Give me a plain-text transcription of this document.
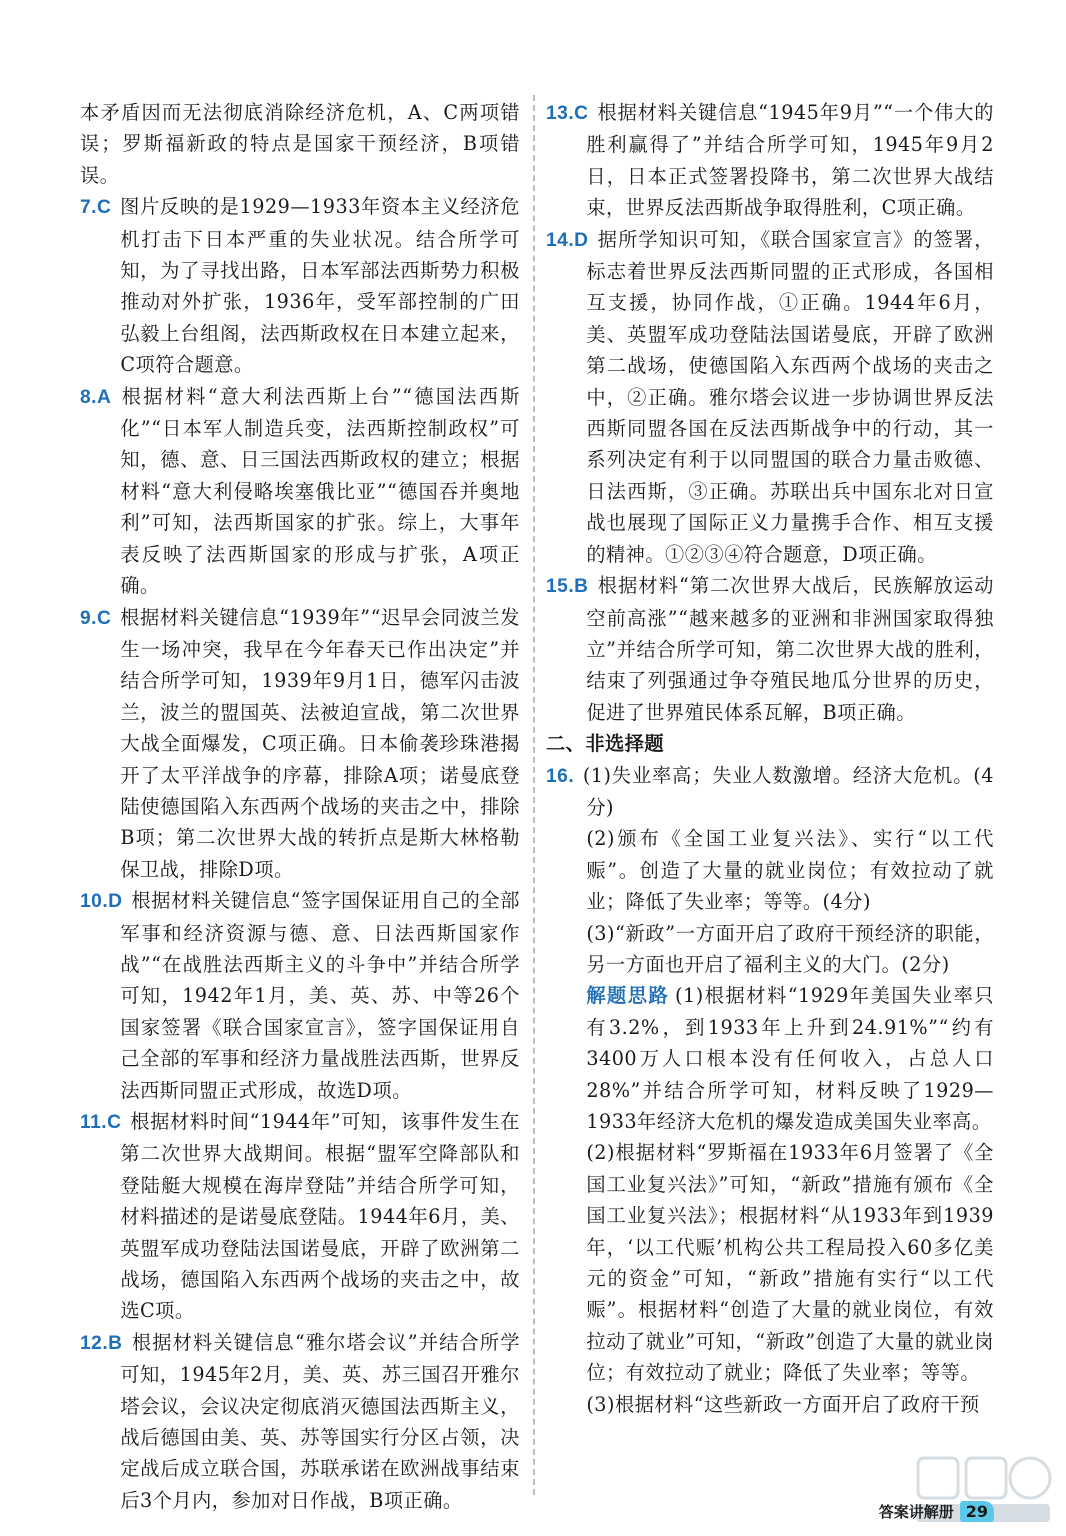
本矛盾因而无法彻底消除经济危机，A、C两项错误；罗斯福新政的特点是国家干预经济，B项错误。

7.C 图片反映的是1929—1933年资本主义经济危机打击下日本严重的失业状况。结合所学可知，为了寻找出路，日本军部法西斯势力积极推动对外扩张，1936年，受军部控制的广田弘毅上台组阁，法西斯政权在日本建立起来，C项符合题意。

8.A 根据材料“意大利法西斯上台”“德国法西斯化”“日本军人制造兵变，法西斯控制政权”可知，德、意、日三国法西斯政权的建立；根据材料“意大利侵略埃塞俄比亚”“德国吞并奥地利”可知，法西斯国家的扩张。综上，大事年表反映了法西斯国家的形成与扩张，A项正确。

9.C 根据材料关键信息“1939年”“迟早会同波兰发生一场冲突，我早在今年春天已作出决定”并结合所学可知，1939年9月1日，德军闪击波兰，波兰的盟国英、法被迫宣战，第二次世界大战全面爆发，C项正确。日本偷袭珍珠港揭开了太平洋战争的序幕，排除A项；诺曼底登陆使德国陷入东西两个战场的夹击之中，排除B项；第二次世界大战的转折点是斯大林格勒保卫战，排除D项。

10.D 根据材料关键信息“签字国保证用自己的全部军事和经济资源与德、意、日法西斯国家作战”“在战胜法西斯主义的斗争中”并结合所学可知，1942年1月，美、英、苏、中等26个国家签署《联合国家宣言》，签字国保证用自己全部的军事和经济力量战胜法西斯，世界反法西斯同盟正式形成，故选D项。

11.C 根据材料时间“1944年”可知，该事件发生在第二次世界大战期间。根据“盟军空降部队和登陆艇大规模在海岸登陆”并结合所学可知，材料描述的是诺曼底登陆。1944年6月，美、英盟军成功登陆法国诺曼底，开辟了欧洲第二战场，德国陷入东西两个战场的夹击之中，故选C项。

12.B 根据材料关键信息“雅尔塔会议”并结合所学可知，1945年2月，美、英、苏三国召开雅尔塔会议，会议决定彻底消灭德国法西斯主义，战后德国由美、英、苏等国实行分区占领，决定战后成立联合国，苏联承诺在欧洲战事结束后3个月内，参加对日作战，B项正确。

13.C 根据材料关键信息“1945年9月”“一个伟大的胜利赢得了”并结合所学可知，1945年9月2日，日本正式签署投降书，第二次世界大战结束，世界反法西斯战争取得胜利，C项正确。

14.D 据所学知识可知，《联合国家宣言》的签署，标志着世界反法西斯同盟的正式形成，各国相互支援，协同作战，①正确。1944年6月，美、英盟军成功登陆法国诺曼底，开辟了欧洲第二战场，使德国陷入东西两个战场的夹击之中，②正确。雅尔塔会议进一步协调世界反法西斯同盟各国在反法西斯战争中的行动，其一系列决定有利于以同盟国的联合力量击败德、日法西斯，③正确。苏联出兵中国东北对日宣战也展现了国际正义力量携手合作、相互支援的精神。①②③④符合题意，D项正确。

15.B 根据材料“第二次世界大战后，民族解放运动空前高涨”“越来越多的亚洲和非洲国家取得独立”并结合所学可知，第二次世界大战的胜利，结束了列强通过争夺殖民地瓜分世界的历史，促进了世界殖民体系瓦解，B项正确。

二、非选择题

16. (1)失业率高；失业人数激增。经济大危机。(4分)

(2)颁布《全国工业复兴法》、实行“以工代赈”。创造了大量的就业岗位；有效拉动了就业；降低了失业率；等等。(4分)

(3)“新政”一方面开启了政府干预经济的职能，另一方面也开启了福利主义的大门。(2分)

解题思路 (1)根据材料“1929年美国失业率只有3.2%，到1933年上升到24.91%”“约有3400万人口根本没有任何收入，占总人口28%”并结合所学可知，材料反映了1929—1933年经济大危机的爆发造成美国失业率高。

(2)根据材料“罗斯福在1933年6月签署了《全国工业复兴法》”可知，“新政”措施有颁布《全国工业复兴法》；根据材料“从1933年到1939年，‘以工代赈’机构公共工程局投入60多亿美元的资金”可知，“新政”措施有实行“以工代赈”。根据材料“创造了大量的就业岗位，有效拉动了就业”可知，“新政”创造了大量的就业岗位；有效拉动了就业；降低了失业率；等等。

(3)根据材料“这些新政一方面开启了政府干预

答案讲解册 29
